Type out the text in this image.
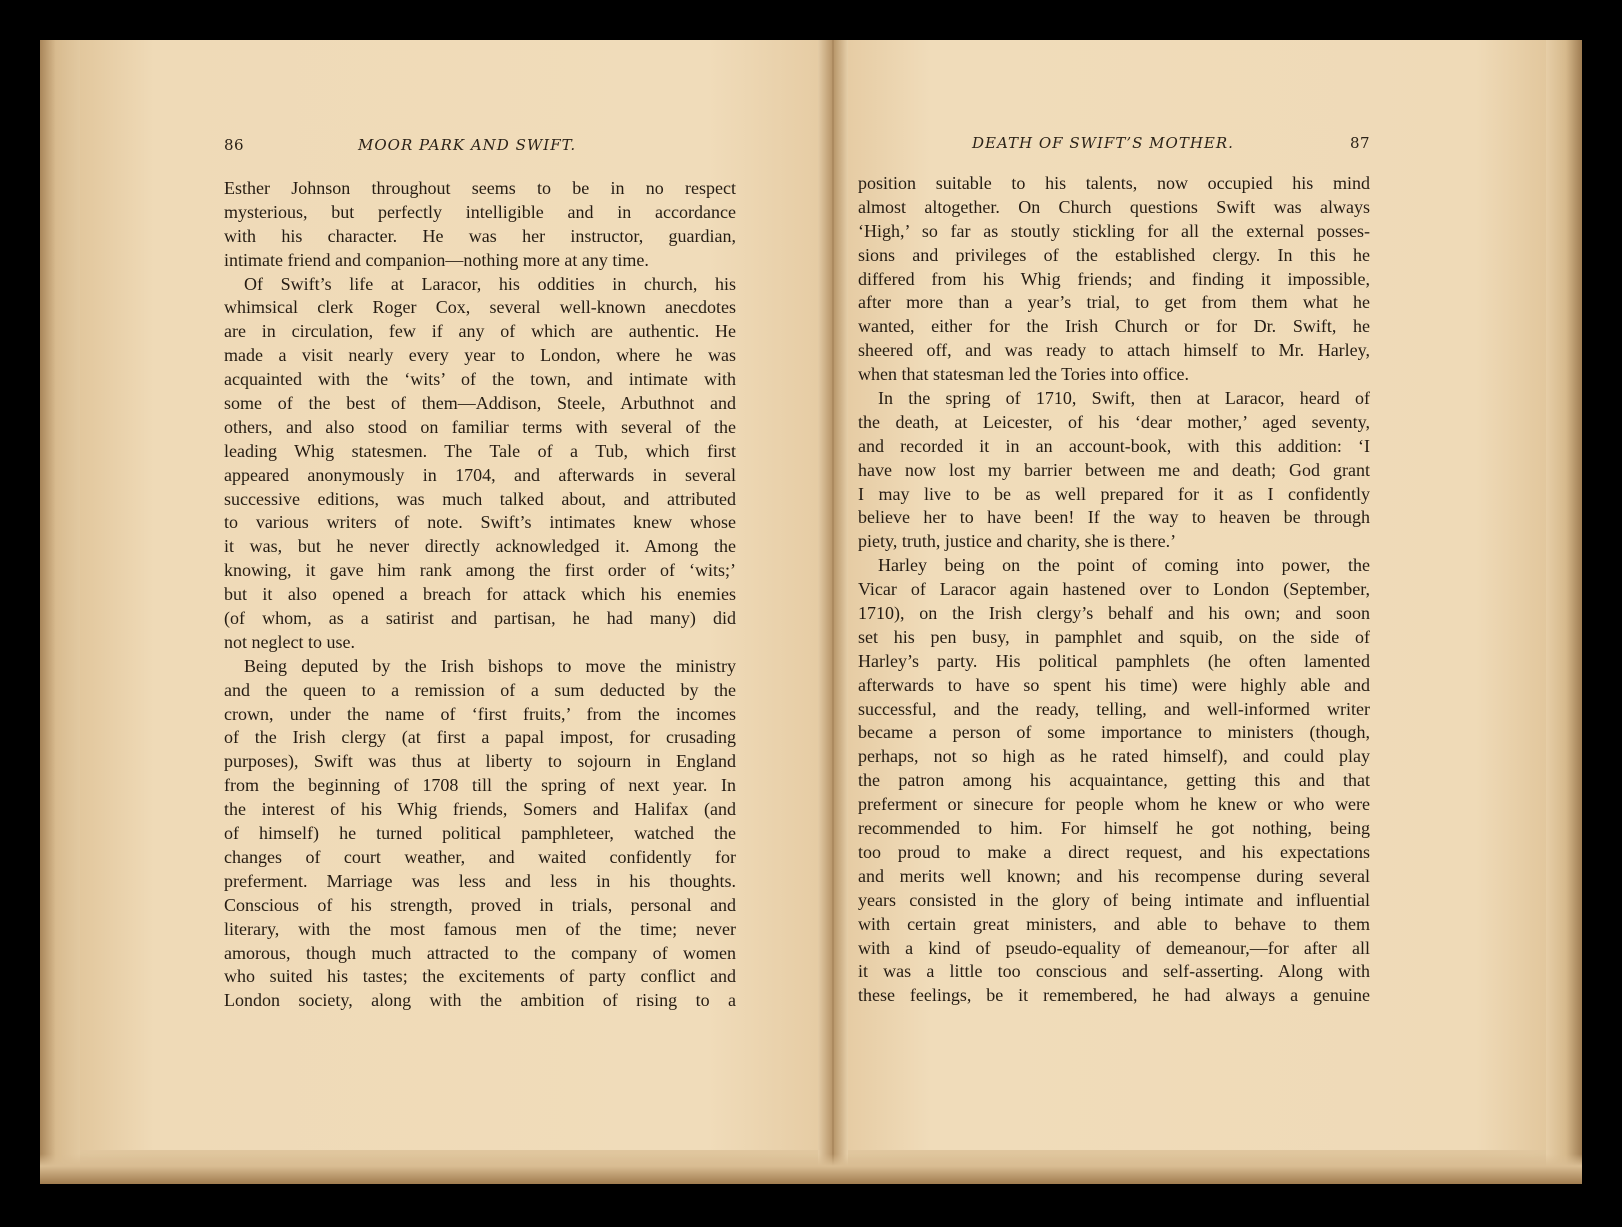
86	MOOR PARK AND SWIFT.	DEATH OF SWIFT’S MOTHER.	87
Esther Johnson throughout seems to be in no respect
mysterious, but perfectly intelligible and in accordance
with his character. He was her instructor, guardian,
intimate friend and companion—nothing more at any time.
Of Swift’s life at Laracor, his oddities in church, his
whimsical clerk Roger Cox, several well-known anecdotes
are in circulation, few if any of which are authentic. He
made a visit nearly every year to London, where he was
acquainted with the ‘wits’ of the town, and intimate with
some of the best of them—Addison, Steele, Arbuthnot and
others, and also stood on familiar terms with several of the
leading Whig statesmen. The Tale of a Tub, which first
appeared anonymously in 1704, and afterwards in several
successive editions, was much talked about, and attributed
to various writers of note. Swift’s intimates knew whose
it was, but he never directly acknowledged it. Among the
knowing, it gave him rank among the first order of ‘wits;’
but it also opened a breach for attack which his enemies
(of whom, as a satirist and partisan, he had many) did
not neglect to use.
Being deputed by the Irish bishops to move the ministry
and the queen to a remission of a sum deducted by the
crown, under the name of ‘first fruits,’ from the incomes
of the Irish clergy (at first a papal impost, for crusading
purposes), Swift was thus at liberty to sojourn in England
from the beginning of 1708 till the spring of next year. In
the interest of his Whig friends, Somers and Halifax (and
of himself) he turned political pamphleteer, watched the
changes of court weather, and waited confidently for
preferment. Marriage was less and less in his thoughts.
Conscious of his strength, proved in trials, personal and
literary, with the most famous men of the time; never
amorous, though much attracted to the company of women
who suited his tastes; the excitements of party conflict and
London society, along with the ambition of rising to a
position suitable to his talents, now occupied his mind
almost altogether. On Church questions Swift was always
‘High,’ so far as stoutly stickling for all the external posses-
sions and privileges of the established clergy. In this he
differed from his Whig friends; and finding it impossible,
after more than a year’s trial, to get from them what he
wanted, either for the Irish Church or for Dr. Swift, he
sheered off, and was ready to attach himself to Mr. Harley,
when that statesman led the Tories into office.
In the spring of 1710, Swift, then at Laracor, heard of
the death, at Leicester, of his ‘dear mother,’ aged seventy,
and recorded it in an account-book, with this addition: ‘I
have now lost my barrier between me and death; God grant
I may live to be as well prepared for it as I confidently
believe her to have been! If the way to heaven be through
piety, truth, justice and charity, she is there.’
Harley being on the point of coming into power, the
Vicar of Laracor again hastened over to London (September,
1710), on the Irish clergy’s behalf and his own; and soon
set his pen busy, in pamphlet and squib, on the side of
Harley’s party. His political pamphlets (he often lamented
afterwards to have so spent his time) were highly able and
successful, and the ready, telling, and well-informed writer
became a person of some importance to ministers (though,
perhaps, not so high as he rated himself), and could play
the patron among his acquaintance, getting this and that
preferment or sinecure for people whom he knew or who were
recommended to him. For himself he got nothing, being
too proud to make a direct request, and his expectations
and merits well known; and his recompense during several
years consisted in the glory of being intimate and influential
with certain great ministers, and able to behave to them
with a kind of pseudo-equality of demeanour,—for after all
it was a little too conscious and self-asserting. Along with
these feelings, be it remembered, he had always a genuine
